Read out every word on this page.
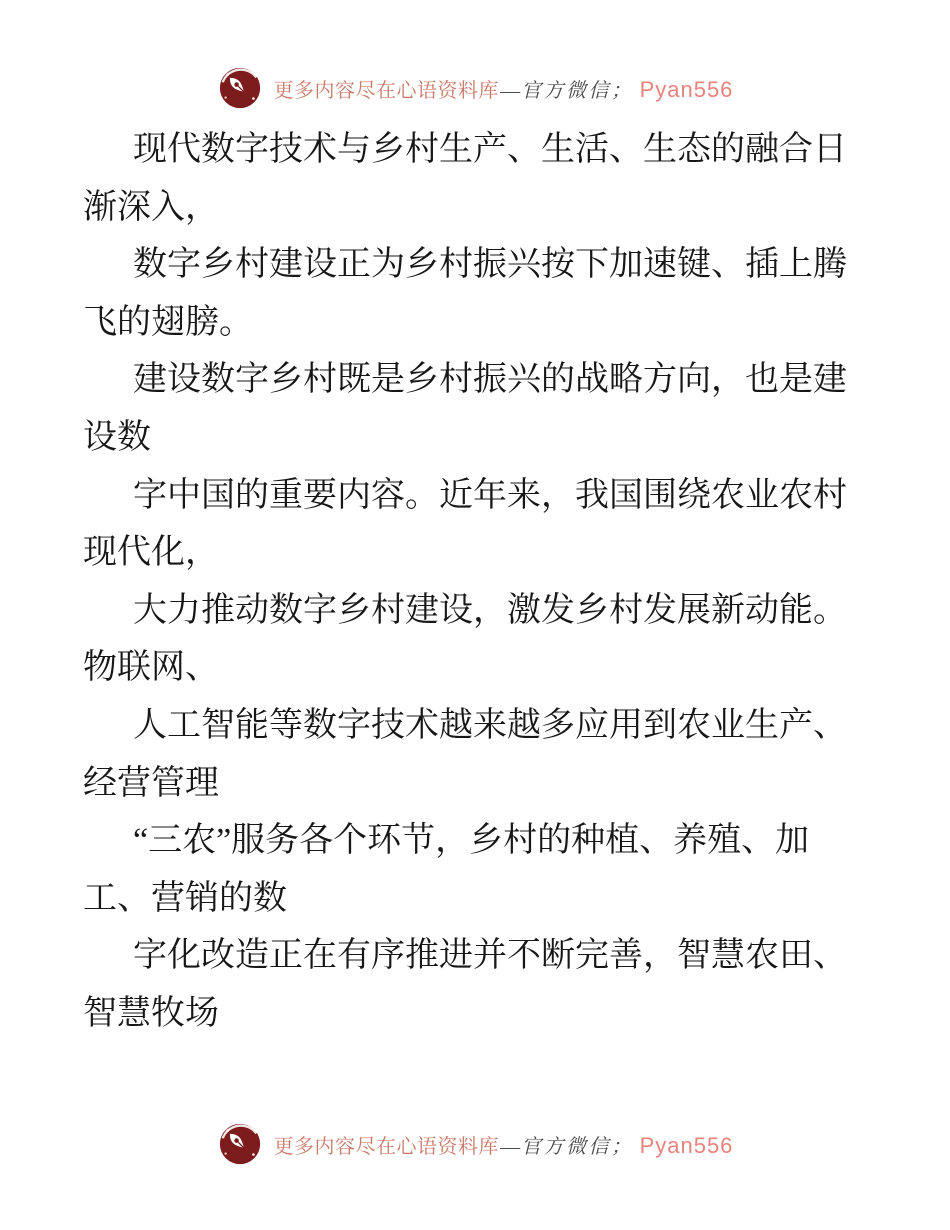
更多内容尽在心语资料库 — 官方微信； Pyan556

现代数字技术与乡村生产、生活、生态的融合日
渐深入，

数字乡村建设正为乡村振兴按下加速键、插上腾
飞的翅膀。

建设数字乡村既是乡村振兴的战略方向，也是建
设数

字中国的重要内容。近年来，我国围绕农业农村
现代化，

大力推动数字乡村建设，激发乡村发展新动能。
物联网、

人工智能等数字技术越来越多应用到农业生产、
经营管理

“三农”服务各个环节，乡村的种植、养殖、加
工、营销的数

字化改造正在有序推进并不断完善，智慧农田、
智慧牧场

更多内容尽在心语资料库 — 官方微信； Pyan556
